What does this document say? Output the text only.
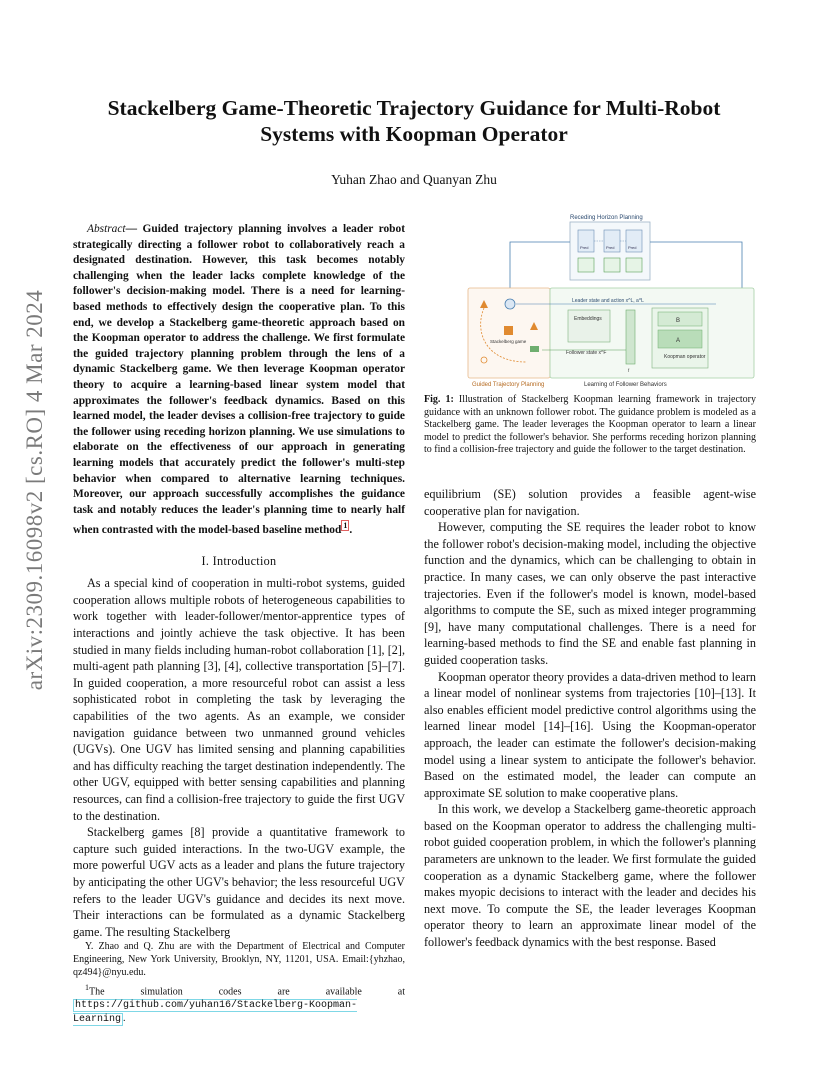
arXiv:2309.16098v2 [cs.RO] 4 Mar 2024
Stackelberg Game-Theoretic Trajectory Guidance for Multi-Robot Systems with Koopman Operator
Yuhan Zhao and Quanyan Zhu
Abstract— Guided trajectory planning involves a leader robot strategically directing a follower robot to collaboratively reach a designated destination. However, this task becomes notably challenging when the leader lacks complete knowledge of the follower's decision-making model. There is a need for learning-based methods to effectively design the cooperative plan. To this end, we develop a Stackelberg game-theoretic approach based on the Koopman operator to address the challenge. We first formulate the guided trajectory planning problem through the lens of a dynamic Stackelberg game. We then leverage Koopman operator theory to acquire a learning-based linear system model that approximates the follower's feedback dynamics. Based on this learned model, the leader devises a collision-free trajectory to guide the follower using receding horizon planning. We use simulations to elaborate on the effectiveness of our approach in generating learning models that accurately predict the follower's multi-step behavior when compared to alternative learning techniques. Moreover, our approach successfully accomplishes the guidance task and notably reduces the leader's planning time to nearly half when contrasted with the model-based baseline method $^1$ .
I. Introduction

As a special kind of cooperation in multi-robot systems, guided cooperation allows multiple robots of heterogeneous capabilities to work together with leader-follower/mentor-apprentice types of interactions and jointly achieve the task objective. It has been studied in many fields including human-robot collaboration [1], [2], multi-agent path planning [3], [4], collective transportation [5]–[7]. In guided cooperation, a more resourceful robot can assist a less sophisticated robot in completing the task by leveraging the capabilities of the two agents. As an example, we consider navigation guidance between two unmanned ground vehicles (UGVs). One UGV has limited sensing and planning capabilities and has difficulty reaching the target destination independently. The other UGV, equipped with better sensing capabilities and planning resources, can find a collision-free trajectory to guide the first UGV to the destination.

Stackelberg games [8] provide a quantitative framework to capture such guided interactions. In the two-UGV example, the more powerful UGV acts as a leader and plans the future trajectory by anticipating the other UGV's behavior; the less resourceful UGV refers to the leader UGV's guidance and decides its next move. Their interactions can be formulated as a dynamic Stackelberg game. The resulting Stackelberg

Y. Zhao and Q. Zhu are with the Department of Electrical and Computer Engineering, New York University, Brooklyn, NY, 11201, USA. Email:{yhzhao, qz494}@nyu.edu.

$^1$The simulation codes are available at https://github.com/yuhan16/Stackelberg-Koopman-Learning .

Receding Horizon Planning
Pred	Pred	Pred
Guided Trajectory Planning
Stackelberg game
Learning of Follower Behaviors
Leader state and action x^L, a^L
Embeddings
f
Follower state x^F
B
A
Koopman operator
Fig. 1: Illustration of Stackelberg Koopman learning framework in trajectory guidance with an unknown follower robot. The guidance problem is modeled as a Stackelberg game. The leader leverages the Koopman operator to learn a linear model to predict the follower's behavior. She performs receding horizon planning to find a collision-free trajectory and guide the follower to the target destination.

equilibrium (SE) solution provides a feasible agent-wise cooperative plan for navigation.

However, computing the SE requires the leader robot to know the follower robot's decision-making model, including the objective function and the dynamics, which can be challenging to obtain in practice. In many cases, we can only observe the past interactive trajectories. Even if the follower's model is known, model-based algorithms to compute the SE, such as mixed integer programming [9], have many computational challenges. There is a need for learning-based methods to find the SE and enable fast planning in guided cooperation tasks.

Koopman operator theory provides a data-driven method to learn a linear model of nonlinear systems from trajectories [10]–[13]. It also enables efficient model predictive control algorithms using the learned linear model [14]–[16]. Using the Koopman-operator approach, the leader can estimate the follower's decision-making model using a linear system to anticipate the follower's behavior. Based on the estimated model, the leader can compute an approximate SE solution to make cooperative plans.

In this work, we develop a Stackelberg game-theoretic approach based on the Koopman operator to address the challenging multi-robot guided cooperation problem, in which the follower's planning parameters are unknown to the leader. We first formulate the guided cooperation as a dynamic Stackelberg game, where the follower makes myopic decisions to interact with the leader and decides his next move. To compute the SE, the leader leverages Koopman operator theory to learn an approximate linear model of the follower's feedback dynamics with the best response. Based
